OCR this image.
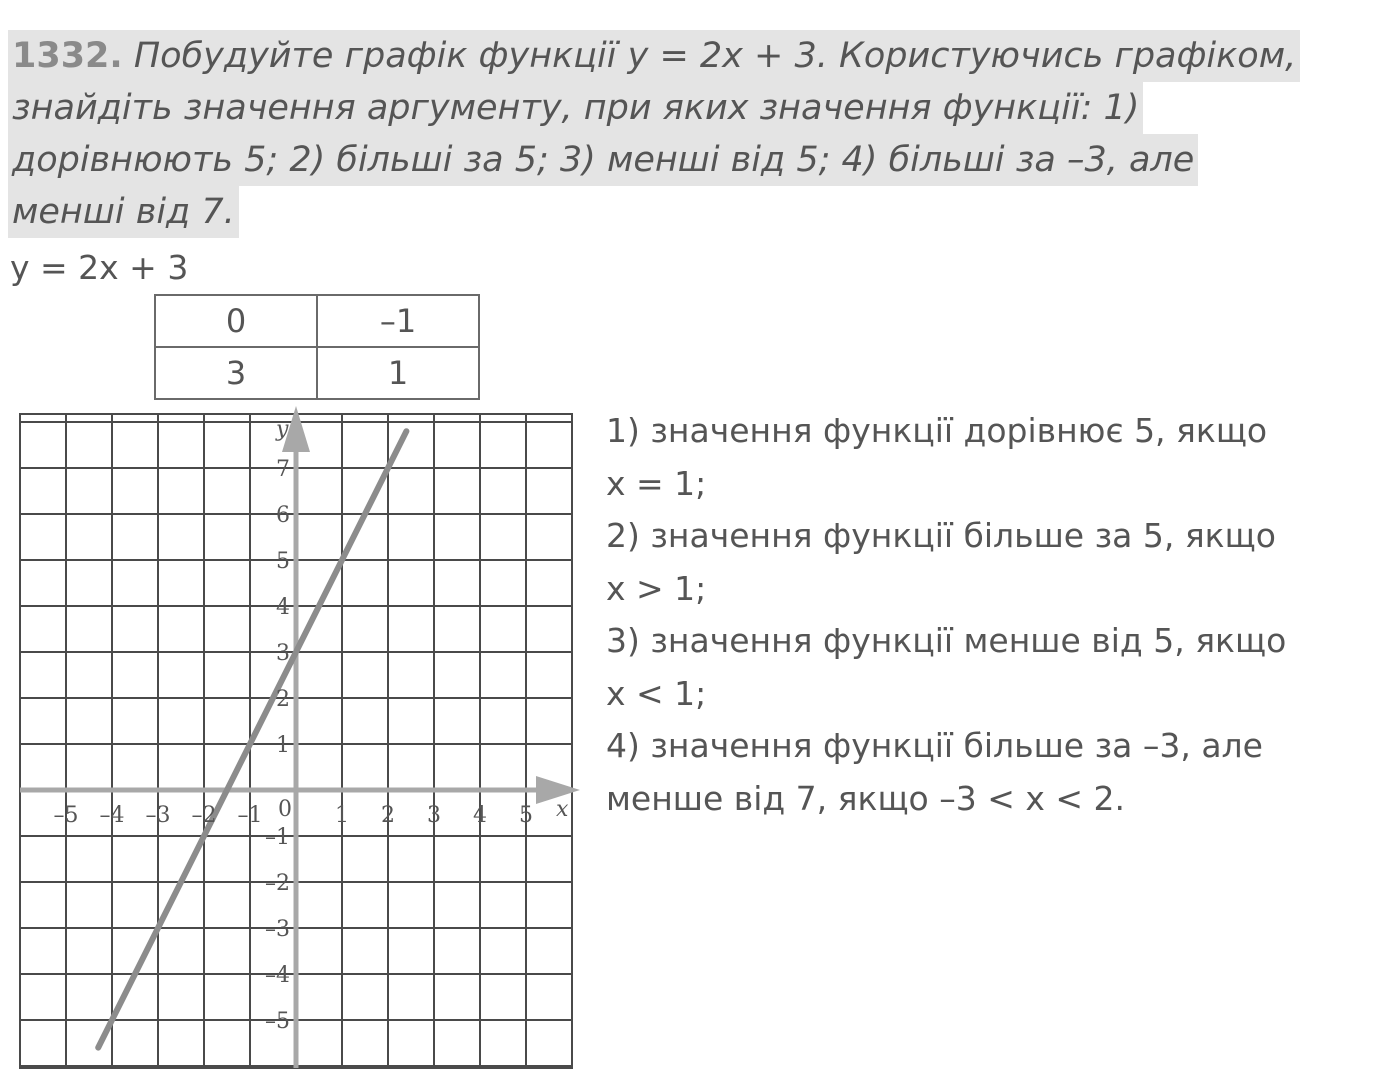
1332. Побудуйте графік функції у = 2х + 3. Користуючись графіком,
знайдіть значення аргументу, при яких значення функції: 1)
дорівнюють 5; 2) більші за 5; 3) менші від 5; 4) більші за –3, але
менші від 7.
y = 2x + 3
0	–1
3	1
–5 –4 –3 –2 –1	1 2 3 4 5
7
6
5
4
3
2
1
–1
–2
–3
–4
–5
0	x
y	1) значення функції дорівнює 5, якщо
x = 1;
2) значення функції більше за 5, якщо
x > 1;
3) значення функції менше від 5, якщо
x < 1;
4) значення функції більше за –3, але
менше від 7, якщо –3 < x < 2.
